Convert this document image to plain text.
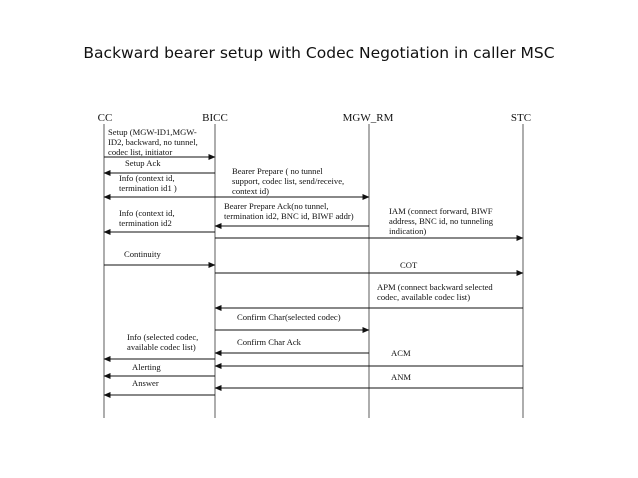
Backward bearer setup with Codec Negotiation in caller MSC
CC	BICC	MGW_RM	STC
Setup (MGW-ID1,MGW- ID2, backward, no tunnel, codec list, initiator
Setup Ack
Bearer Prepare ( no tunnel support, codec list, send/receive, context id)
Info (context id, termination id1 )
Bearer Prepare Ack(no tunnel, termination id2, BNC id, BIWF addr)
Info (context id, termination id2
IAM (connect forward, BIWF address, BNC id, no tunneling indication)
Continuity
COT
APM (connect backward selected codec, available codec list)
Confirm Char(selected codec)
Confirm Char Ack
Info (selected codec, available codec list)
ACM
Alerting
ANM
Answer
